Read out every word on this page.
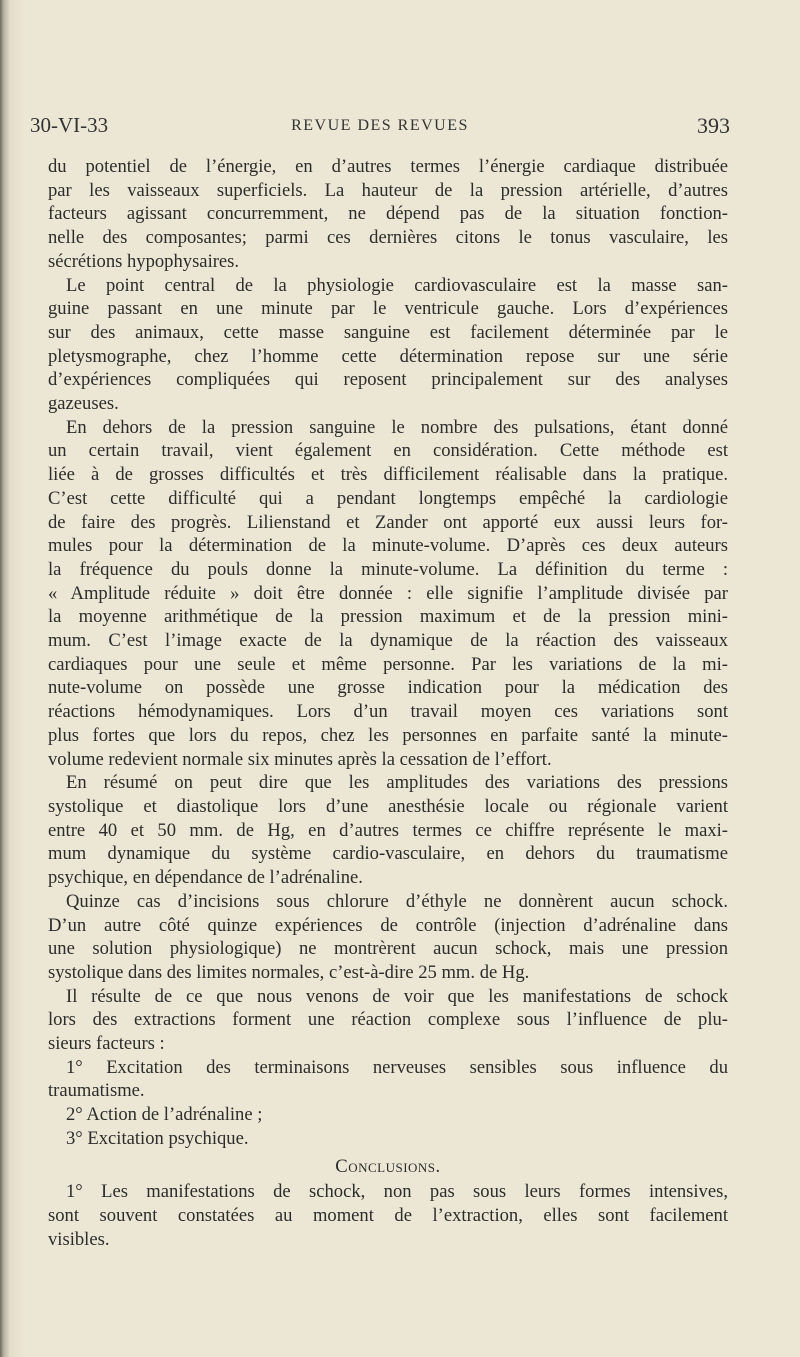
30-VI-33	REVUE DES REVUES	393
du potentiel de l’énergie, en d’autres termes l’énergie cardiaque distribuée
par les vaisseaux superficiels. La hauteur de la pression artérielle, d’autres
facteurs agissant concurremment, ne dépend pas de la situation fonction-
nelle des composantes; parmi ces dernières citons le tonus vasculaire, les
sécrétions hypophysaires.
Le point central de la physiologie cardiovasculaire est la masse san-
guine passant en une minute par le ventricule gauche. Lors d’expériences
sur des animaux, cette masse sanguine est facilement déterminée par le
pletysmographe, chez l’homme cette détermination repose sur une série
d’expériences compliquées qui reposent principalement sur des analyses
gazeuses.
En dehors de la pression sanguine le nombre des pulsations, étant donné
un certain travail, vient également en considération. Cette méthode est
liée à de grosses difficultés et très difficilement réalisable dans la pratique.
C’est cette difficulté qui a pendant longtemps empêché la cardiologie
de faire des progrès. Lilienstand et Zander ont apporté eux aussi leurs for-
mules pour la détermination de la minute-volume. D’après ces deux auteurs
la fréquence du pouls donne la minute-volume. La définition du terme :
« Amplitude réduite » doit être donnée : elle signifie l’amplitude divisée par
la moyenne arithmétique de la pression maximum et de la pression mini-
mum. C’est l’image exacte de la dynamique de la réaction des vaisseaux
cardiaques pour une seule et même personne. Par les variations de la mi-
nute-volume on possède une grosse indication pour la médication des
réactions hémodynamiques. Lors d’un travail moyen ces variations sont
plus fortes que lors du repos, chez les personnes en parfaite santé la minute-
volume redevient normale six minutes après la cessation de l’effort.
En résumé on peut dire que les amplitudes des variations des pressions
systolique et diastolique lors d’une anesthésie locale ou régionale varient
entre 40 et 50 mm. de Hg, en d’autres termes ce chiffre représente le maxi-
mum dynamique du système cardio-vasculaire, en dehors du traumatisme
psychique, en dépendance de l’adrénaline.
Quinze cas d’incisions sous chlorure d’éthyle ne donnèrent aucun schock.
D’un autre côté quinze expériences de contrôle (injection d’adrénaline dans
une solution physiologique) ne montrèrent aucun schock, mais une pression
systolique dans des limites normales, c’est-à-dire 25 mm. de Hg.
Il résulte de ce que nous venons de voir que les manifestations de schock
lors des extractions forment une réaction complexe sous l’influence de plu-
sieurs facteurs :
1° Excitation des terminaisons nerveuses sensibles sous influence du
traumatisme.
2° Action de l’adrénaline ;
3° Excitation psychique.
Conclusions.
1° Les manifestations de schock, non pas sous leurs formes intensives,
sont souvent constatées au moment de l’extraction, elles sont facilement
visibles.
